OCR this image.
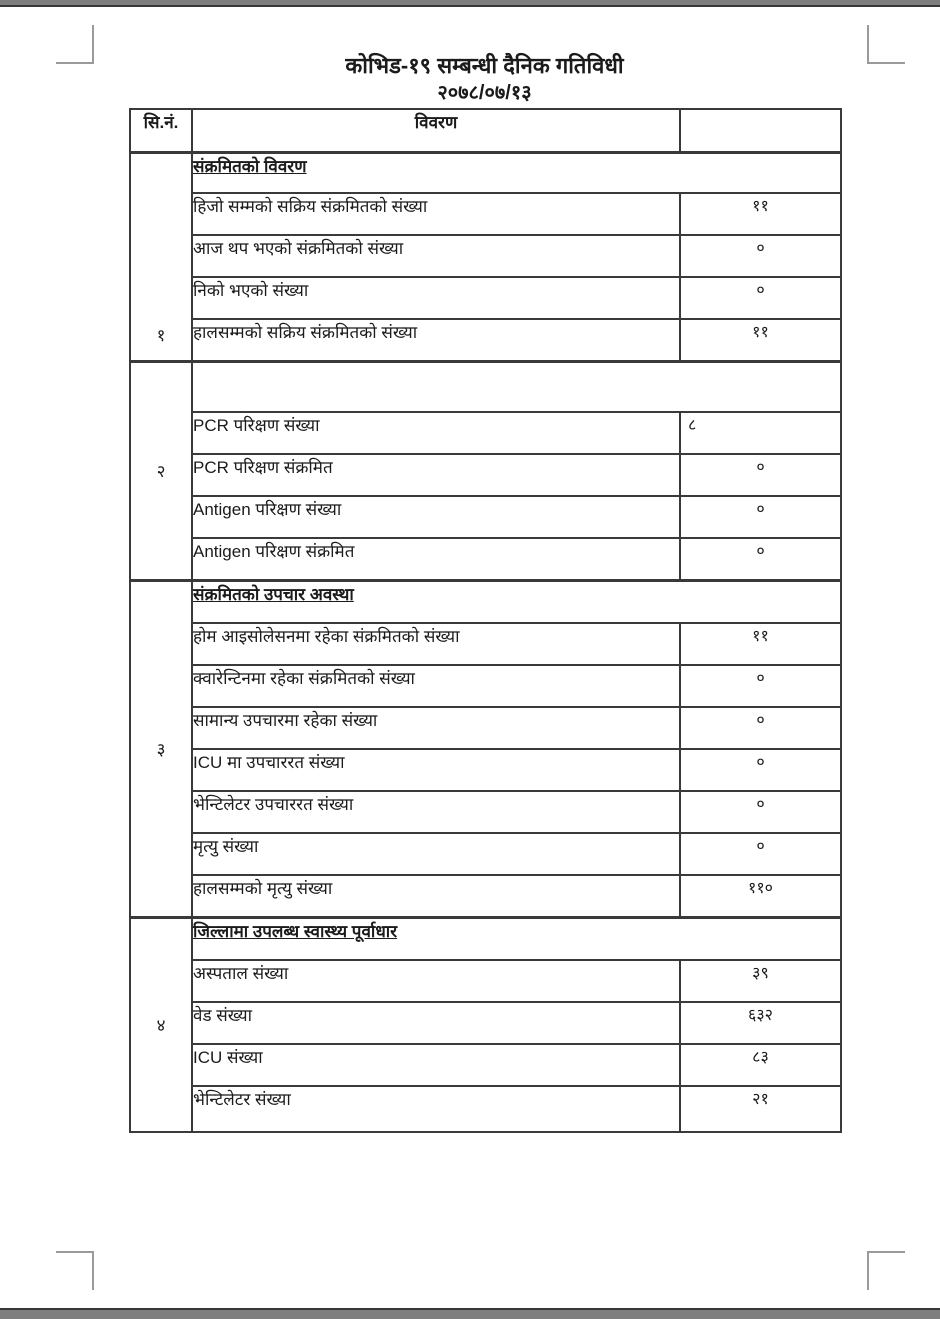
कोभिड-१९ सम्बन्धी दैनिक गतिविधी
२०७८/०७/१३
सि.नं.	विवरण	
१	संक्रमितको विवरण	
	हिजो सम्मको सक्रिय संक्रमितको संख्या	११
	आज थप भएको संक्रमितको संख्या	०
	निको भएको संख्या	०
	हालसम्मको सक्रिय संक्रमितको संख्या	११
२		
	PCR परिक्षण संख्या	८
	PCR परिक्षण संक्रमित	०
	Antigen परिक्षण संख्या	०
	Antigen परिक्षण संक्रमित	०
३	संक्रमितको उपचार अवस्था	
	होम आइसोलेसनमा रहेका संक्रमितको संख्या	११
	क्वारेन्टिनमा रहेका संक्रमितको संख्या	०
	सामान्य उपचारमा रहेका संख्या	०
	ICU मा उपचाररत संख्या	०
	भेन्टिलेटर उपचाररत संख्या	०
	मृत्यु संख्या	०
	हालसम्मको मृत्यु संख्या	११०
४	जिल्लामा उपलब्ध स्वास्थ्य पूर्वाधार	
	अस्पताल संख्या	३९
	वेड संख्या	६३२
	ICU संख्या	८३
	भेन्टिलेटर संख्या	२१
